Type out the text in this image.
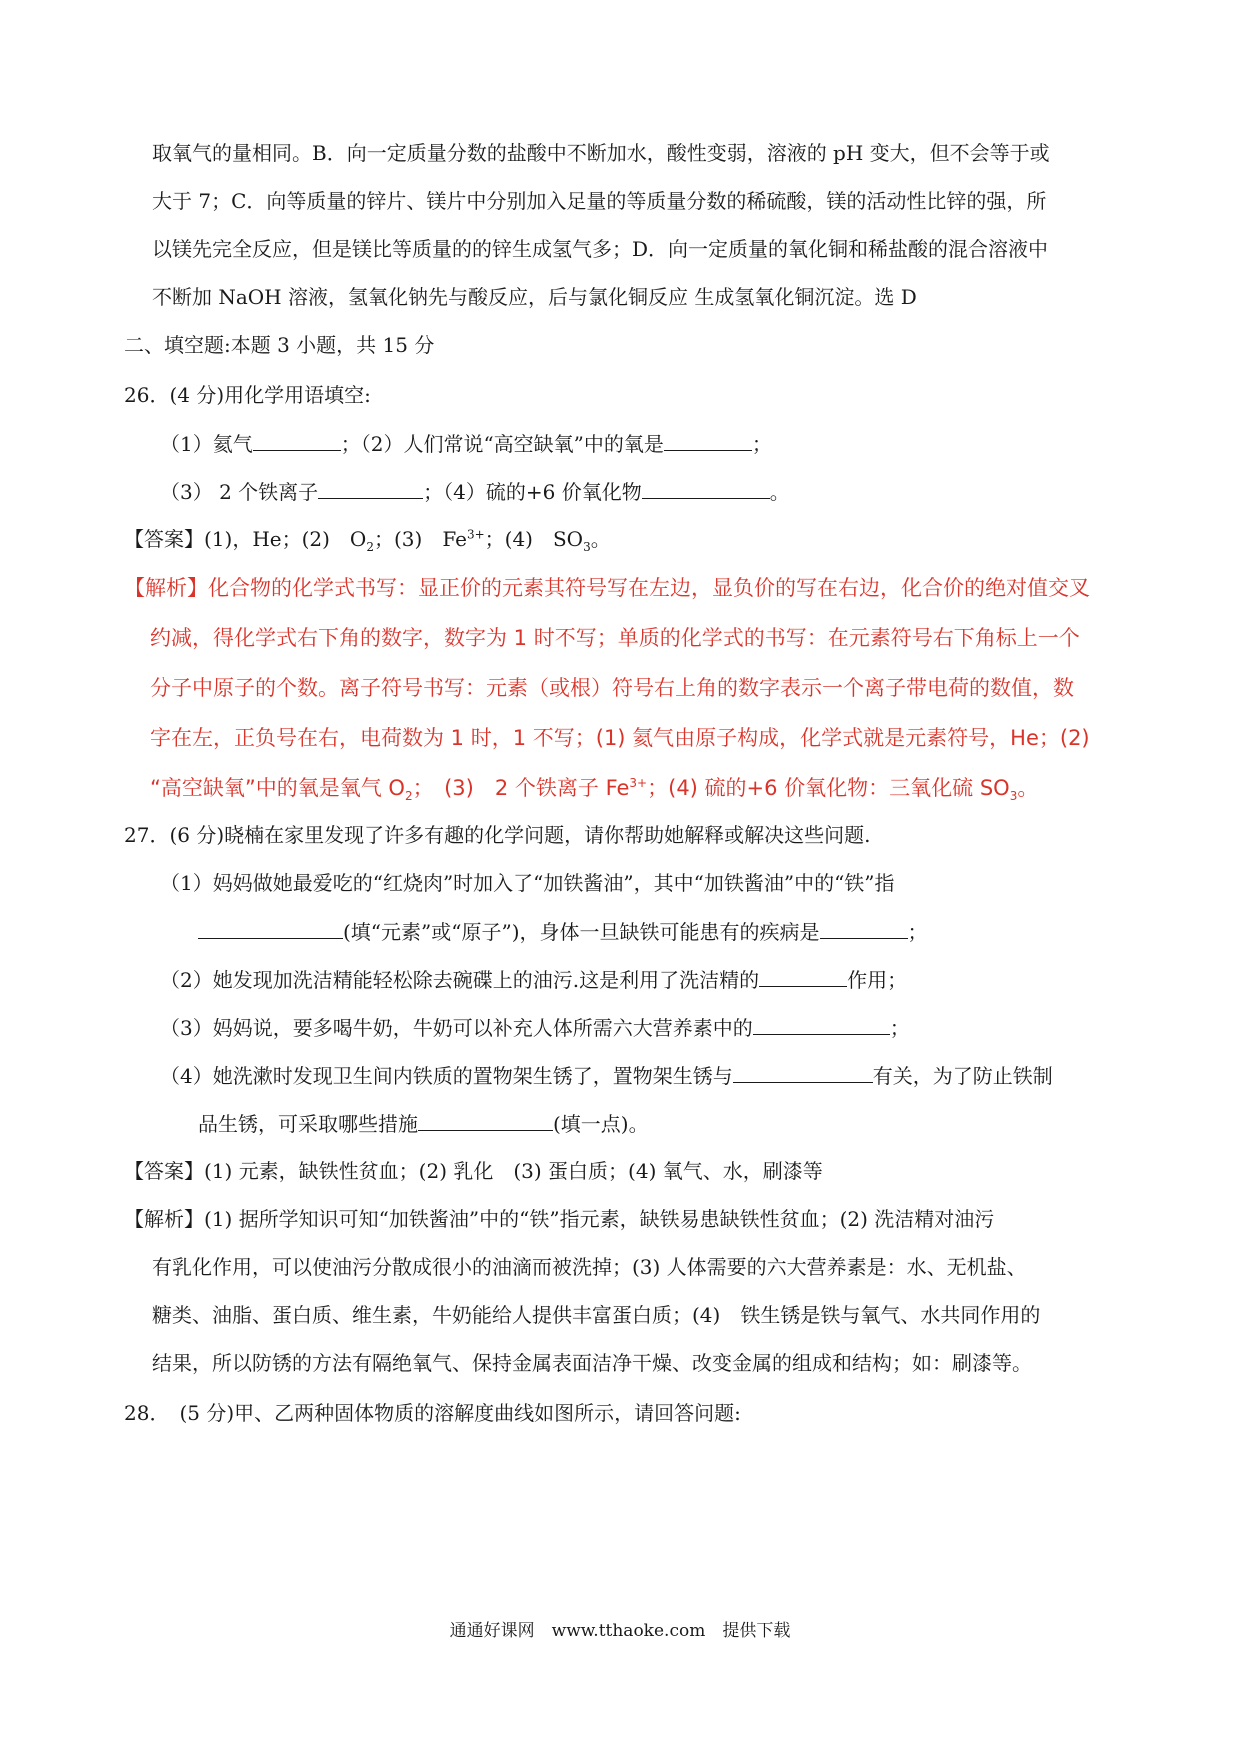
取氧气的量相同。B．向一定质量分数的盐酸中不断加水，酸性变弱，溶液的 pH 变大，但不会等于或
大于 7；C．向等质量的锌片、镁片中分别加入足量的等质量分数的稀硫酸，镁的活动性比锌的强，所
以镁先完全反应，但是镁比等质量的的锌生成氢气多；D．向一定质量的氧化铜和稀盐酸的混合溶液中
不断加 NaOH 溶液，氢氧化钠先与酸反应，后与氯化铜反应 生成氢氧化铜沉淀。选 D
二、填空题:本题 3 小题，共 15 分
26．(4 分)用化学用语填空:
（1）氦气	；（2）人们常说“高空缺氧”中的氧是	；
（3） 2 个铁离子	；（4）硫的+6 价氧化物	。
【答案】(1)，He；(2)　$O_2$；(3)　$Fe^{3+}$；(4)　$SO_3$。
【解析】化合物的化学式书写：显正价的元素其符号写在左边，显负价的写在右边，化合价的绝对值交叉
约减，得化学式右下角的数字，数字为 1 时不写；单质的化学式的书写：在元素符号右下角标上一个
分子中原子的个数。离子符号书写：元素（或根）符号右上角的数字表示一个离子带电荷的数值，数
字在左，正负号在右，电荷数为 1 时，1 不写；(1) 氦气由原子构成，化学式就是元素符号，He；(2)
“高空缺氧”中的氧是氧气 $O_2$；　(3)　2 个铁离子 $Fe^{3+}$；(4) 硫的+6 价氧化物：三氧化硫 $SO_3$。
27．(6 分)晓楠在家里发现了许多有趣的化学问题，请你帮助她解释或解决这些问题.
（1）妈妈做她最爱吃的“红烧肉”时加入了“加铁酱油”，其中“加铁酱油”中的“铁”指
(填“元素”或“原子”)，身体一旦缺铁可能患有的疾病是	；
（2）她发现加洗洁精能轻松除去碗碟上的油污.这是利用了洗洁精的	作用；
（3）妈妈说，要多喝牛奶，牛奶可以补充人体所需六大营养素中的	；
（4）她洗漱时发现卫生间内铁质的置物架生锈了，置物架生锈与	有关，为了防止铁制
品生锈，可采取哪些措施	(填一点)。
【答案】(1) 元素，缺铁性贫血；(2) 乳化　(3) 蛋白质；(4) 氧气、水，刷漆等
【解析】(1) 据所学知识可知“加铁酱油”中的“铁”指元素，缺铁易患缺铁性贫血；(2) 洗洁精对油污
有乳化作用，可以使油污分散成很小的油滴而被洗掉；(3) 人体需要的六大营养素是：水、无机盐、
糖类、油脂、蛋白质、维生素，牛奶能给人提供丰富蛋白质；(4)　铁生锈是铁与氧气、水共同作用的
结果，所以防锈的方法有隔绝氧气、保持金属表面洁净干燥、改变金属的组成和结构；如：刷漆等。
28．　(5 分)甲、乙两种固体物质的溶解度曲线如图所示，请回答问题:
通通好课网　www.tthaoke.com　提供下载
